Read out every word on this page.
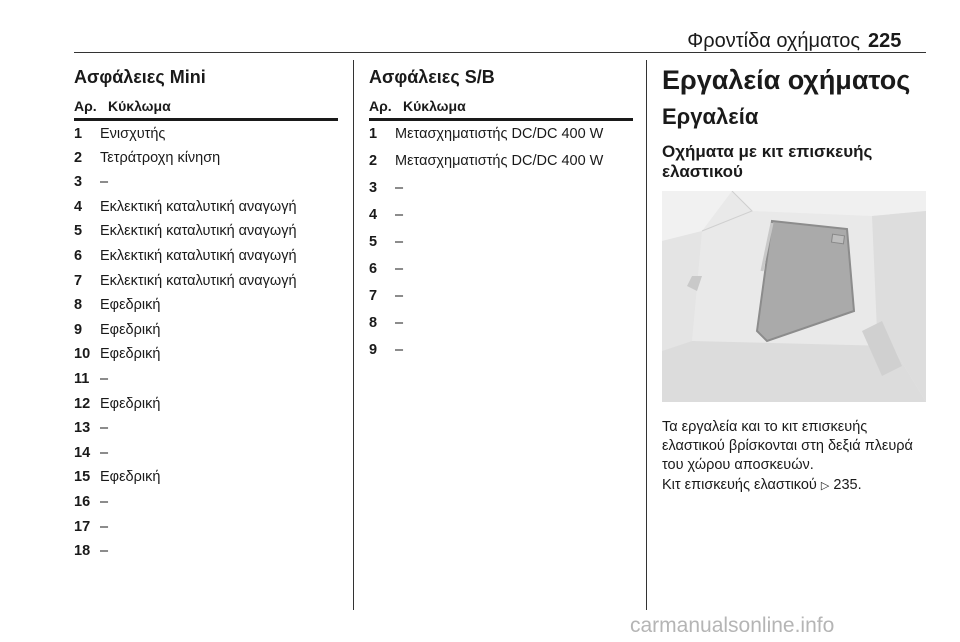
Φροντίδα οχήματος 225
Ασφάλειες Mini
Αρ. Κύκλωμα
1	Ενισχυτής
2	Τετράτροχη κίνηση
3	–
4	Εκλεκτική καταλυτική αναγωγή
5	Εκλεκτική καταλυτική αναγωγή
6	Εκλεκτική καταλυτική αναγωγή
7	Εκλεκτική καταλυτική αναγωγή
8	Εφεδρική
9	Εφεδρική
10 Εφεδρική
11 –
12 Εφεδρική
13 –
14 –
15 Εφεδρική
16 –
17 –
18 –
Ασφάλειες S/B
Αρ. Κύκλωμα
1	Μετασχηματιστής DC/DC 400 W
2	Μετασχηματιστής DC/DC 400 W
3	–
4	–
5	–
6	–
7	–
8	–
9	–
Εργαλεία οχήματος
Εργαλεία
Οχήματα με κιτ επισκευής ελαστικού

Τα εργαλεία και το κιτ επισκευής ελαστικού βρίσκονται στη δεξιά πλευρά του χώρου αποσκευών.

Κιτ επισκευής ελαστικού ▷ 235.

carmanualsonline.info
